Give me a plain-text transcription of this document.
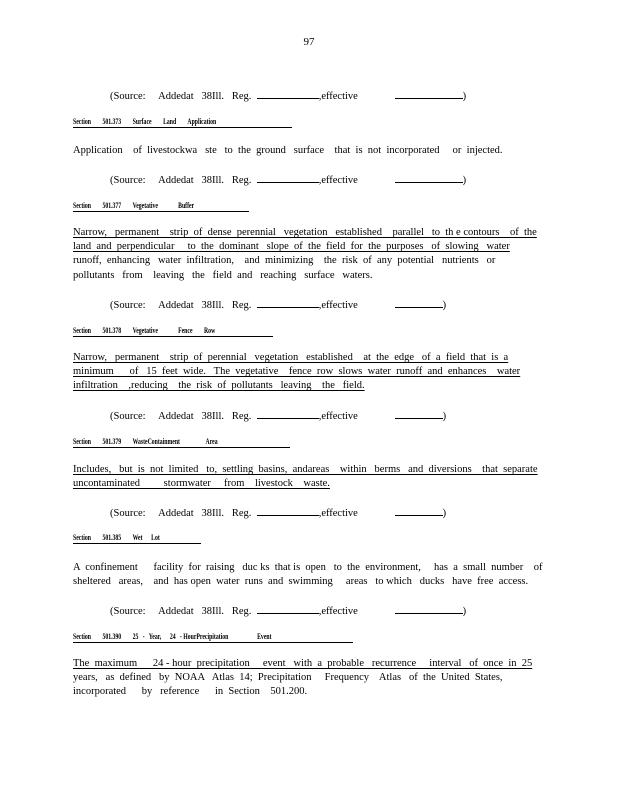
97
(Source:     Addedat   38Ill.   Reg.	,effective	)
Section        501.373        Surface        Land        Application
Application    of  livestockwa   ste   to  the  ground   surface    that  is  not  incorporated     or  injected.
(Source:     Addedat   38Ill.   Reg.	,effective	)
Section        501.377        Vegetative              Buffer
Narrow,   permanent    strip  of  dense  perennial   vegetation   established    parallel   to  th e contours    of  the
land  and  perpendicular     to  the  dominant   slope  of  the  field  for  the  purposes   of  slowing   water
runoff,  enhancing   water  infiltration,    and  minimizing    the  risk  of  any  potential   nutrients   or
pollutants   from    leaving   the   field  and   reaching   surface   waters.
(Source:     Addedat   38Ill.   Reg.	,effective	)
Section        501.378        Vegetative              Fence        Row
Narrow,   permanent    strip  of  perennial   vegetation   established    at  the  edge   of  a  field  that  is  a
minimum      of   15  feet  wide.   The  vegetative    fence  row  slows  water  runoff  and  enhances    water
infiltration    ,reducing    the  risk  of  pollutants   leaving    the   field.
(Source:     Addedat   38Ill.   Reg.	,effective	)
Section        501.379        WasteContainment                  Area
Includes,   but  is  not  limited   to,  settling  basins,  andareas    within   berms   and  diversions    that  separate
uncontaminated         stormwater     from    livestock    waste.
(Source:     Addedat   38Ill.   Reg.	,effective	)
Section        501.385        Wet      Lot
A  confinement      facility  for  raising   duc ks  that is  open   to  the  environment,     has  a  small  number    of
sheltered   areas,    and  has open  water  runs  and  swimming     areas   to which   ducks   have  free  access.
(Source:     Addedat   38Ill.   Reg.	,effective	)
Section        501.390        25   -   Year,      24   - HourPrecipitation                    Event
The  maximum      24 - hour  precipitation     event   with  a  probable   recurrence     interval   of  once  in  25
years,   as  defined   by  NOAA   Atlas  14;  Precipitation     Frequency    Atlas   of  the  United  States,
incorporated      by   reference      in  Section    501.200.
